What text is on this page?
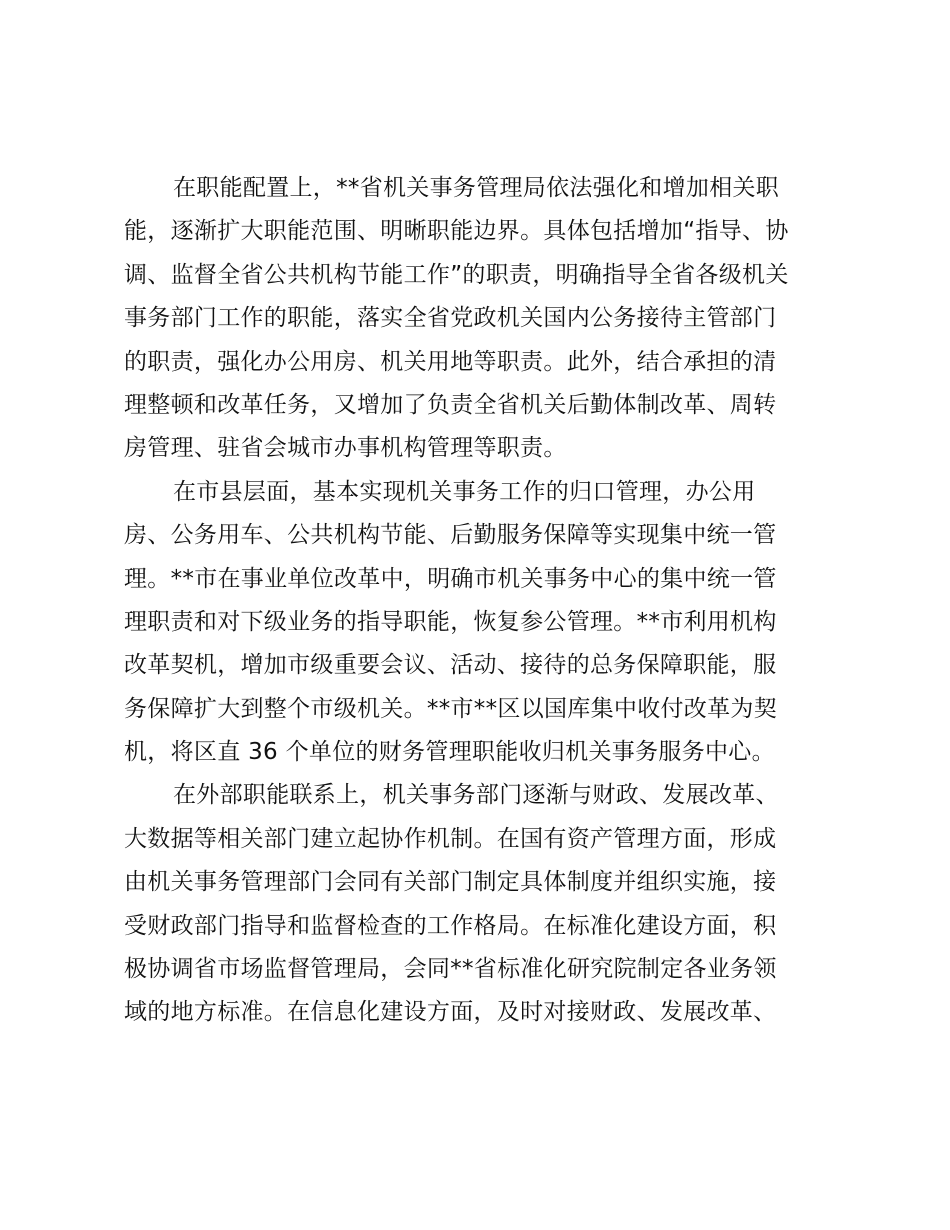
在职能配置上，**省机关事务管理局依法强化和增加相关职
能，逐渐扩大职能范围、明晰职能边界。具体包括增加“指导、协
调、监督全省公共机构节能工作”的职责，明确指导全省各级机关
事务部门工作的职能，落实全省党政机关国内公务接待主管部门
的职责，强化办公用房、机关用地等职责。此外，结合承担的清
理整顿和改革任务，又增加了负责全省机关后勤体制改革、周转
房管理、驻省会城市办事机构管理等职责。
在市县层面，基本实现机关事务工作的归口管理，办公用
房、公务用车、公共机构节能、后勤服务保障等实现集中统一管
理。**市在事业单位改革中，明确市机关事务中心的集中统一管
理职责和对下级业务的指导职能，恢复参公管理。**市利用机构
改革契机，增加市级重要会议、活动、接待的总务保障职能，服
务保障扩大到整个市级机关。**市**区以国库集中收付改革为契
机，将区直 36 个单位的财务管理职能收归机关事务服务中心。
在外部职能联系上，机关事务部门逐渐与财政、发展改革、
大数据等相关部门建立起协作机制。在国有资产管理方面，形成
由机关事务管理部门会同有关部门制定具体制度并组织实施，接
受财政部门指导和监督检查的工作格局。在标准化建设方面，积
极协调省市场监督管理局，会同**省标准化研究院制定各业务领
域的地方标准。在信息化建设方面，及时对接财政、发展改革、
